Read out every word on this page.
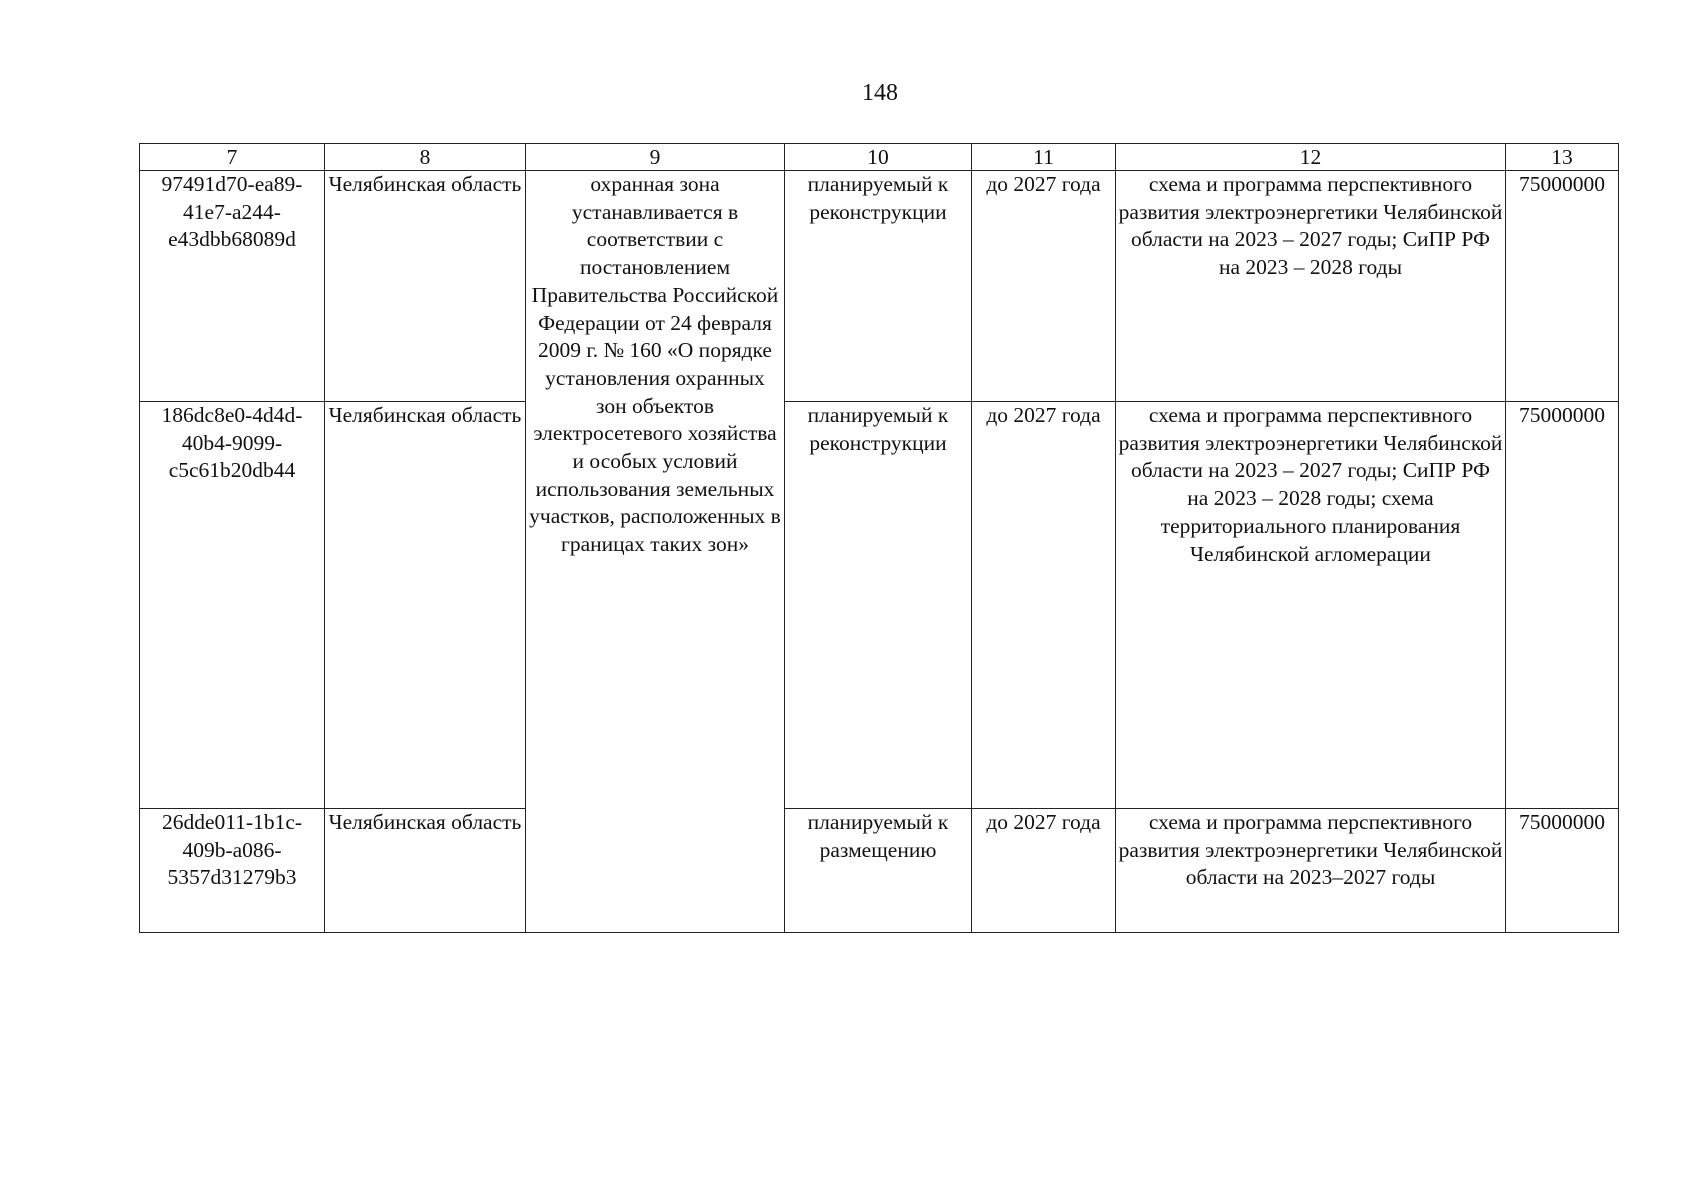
148
7	8	9	10	11	12	13
97491d70-ea89-41e7-a244-e43dbb68089d	Челябинская область	охранная зона устанавливается в соответствии с постановлением Правительства Российской Федерации от 24 февраля 2009 г. № 160 «О порядке установления охранных зон объектов электросетевого хозяйства и особых условий использования земельных участков, расположенных в границах таких зон»	планируемый к реконструкции	до 2027 года	схема и программа перспективного развития электроэнергетики Челябинской области на 2023 – 2027 годы; СиПР РФ на 2023 – 2028 годы	75000000
186dc8e0-4d4d-40b4-9099-c5c61b20db44	Челябинская область		планируемый к реконструкции	до 2027 года	схема и программа перспективного развития электроэнергетики Челябинской области на 2023 – 2027 годы; СиПР РФ на 2023 – 2028 годы; схема территориального планирования Челябинской агломерации	75000000
26dde011-1b1c-409b-a086-5357d31279b3	Челябинская область		планируемый к размещению	до 2027 года	схема и программа перспективного развития электроэнергетики Челябинской области на 2023–2027 годы	75000000
